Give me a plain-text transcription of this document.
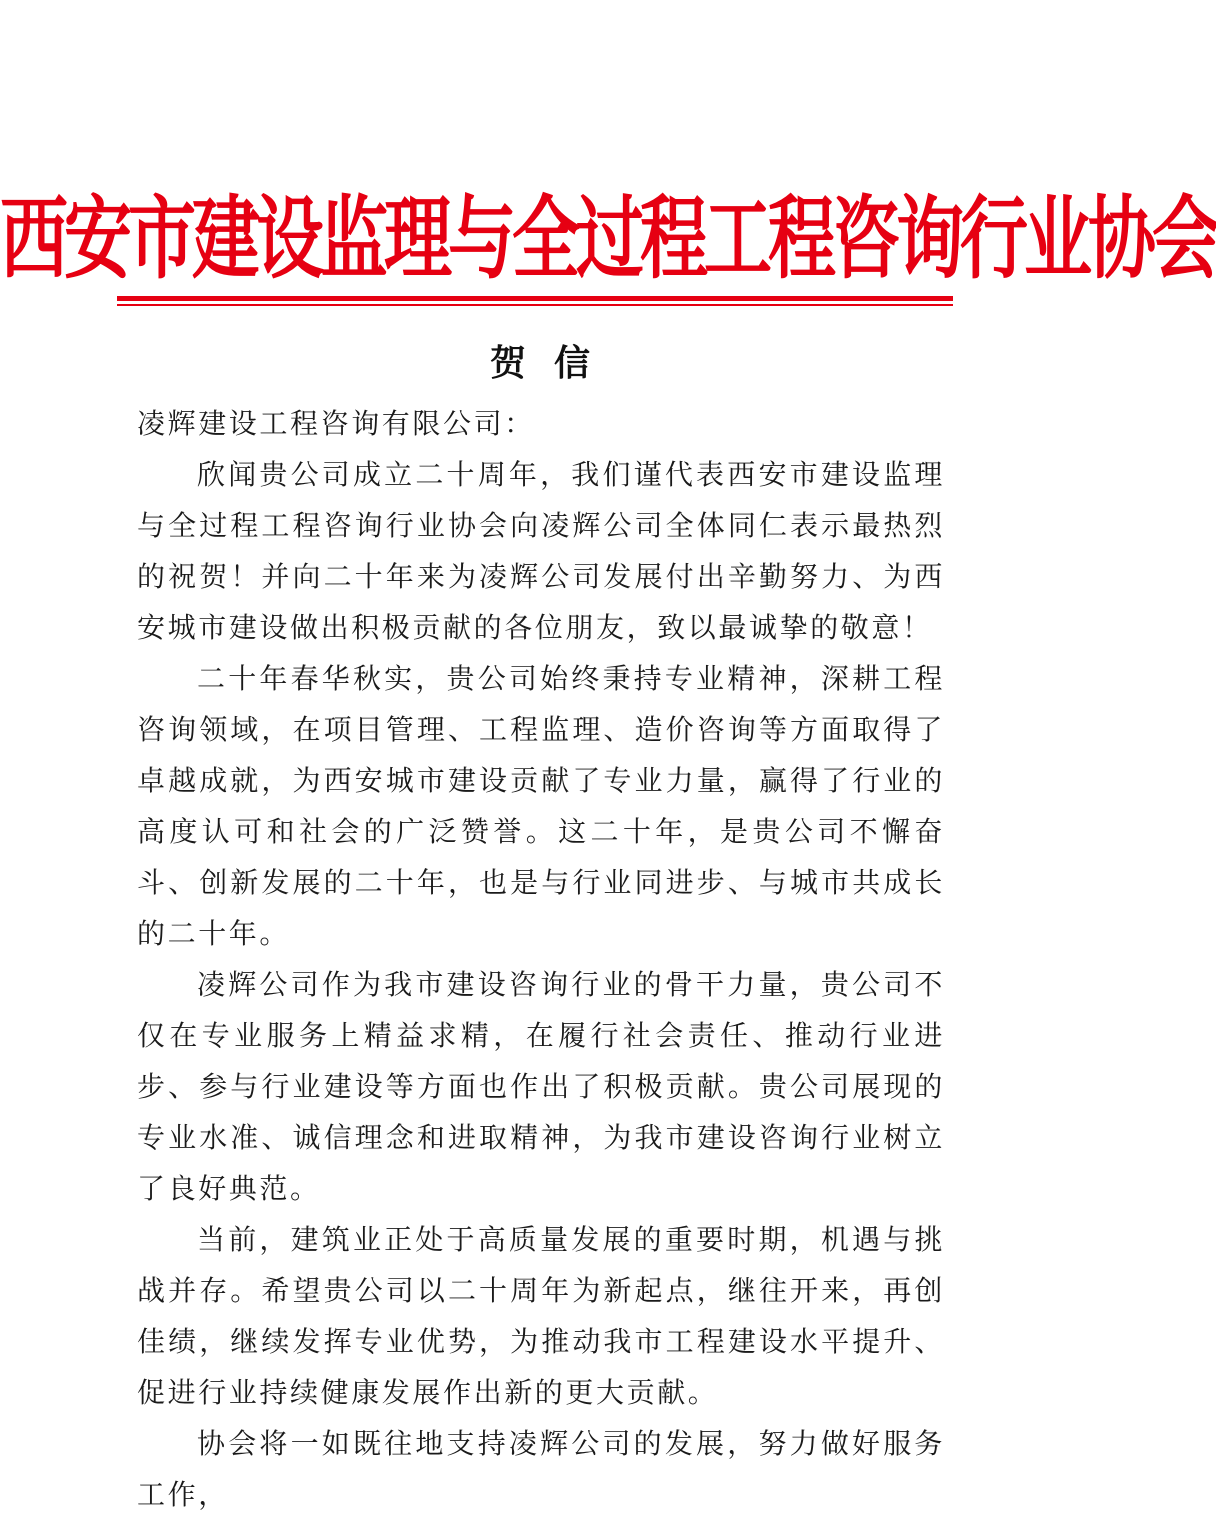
西安市建设监理与全过程工程咨询行业协会
贺信

凌辉建设工程咨询有限公司：

欣闻贵公司成立二十周年，我们谨代表西安市建设监理与全过程工程咨询行业协会向凌辉公司全体同仁表示最热烈的祝贺！并向二十年来为凌辉公司发展付出辛勤努力、为西安城市建设做出积极贡献的各位朋友，致以最诚挚的敬意！

二十年春华秋实，贵公司始终秉持专业精神，深耕工程咨询领域，在项目管理、工程监理、造价咨询等方面取得了卓越成就，为西安城市建设贡献了专业力量，赢得了行业的高度认可和社会的广泛赞誉。这二十年，是贵公司不懈奋斗、创新发展的二十年，也是与行业同进步、与城市共成长的二十年。

凌辉公司作为我市建设咨询行业的骨干力量，贵公司不仅在专业服务上精益求精，在履行社会责任、推动行业进步、参与行业建设等方面也作出了积极贡献。贵公司展现的专业水准、诚信理念和进取精神，为我市建设咨询行业树立了良好典范。

当前，建筑业正处于高质量发展的重要时期，机遇与挑战并存。希望贵公司以二十周年为新起点，继往开来，再创佳绩，继续发挥专业优势，为推动我市工程建设水平提升、促进行业持续健康发展作出新的更大贡献。

协会将一如既往地支持凌辉公司的发展，努力做好服务工作，
